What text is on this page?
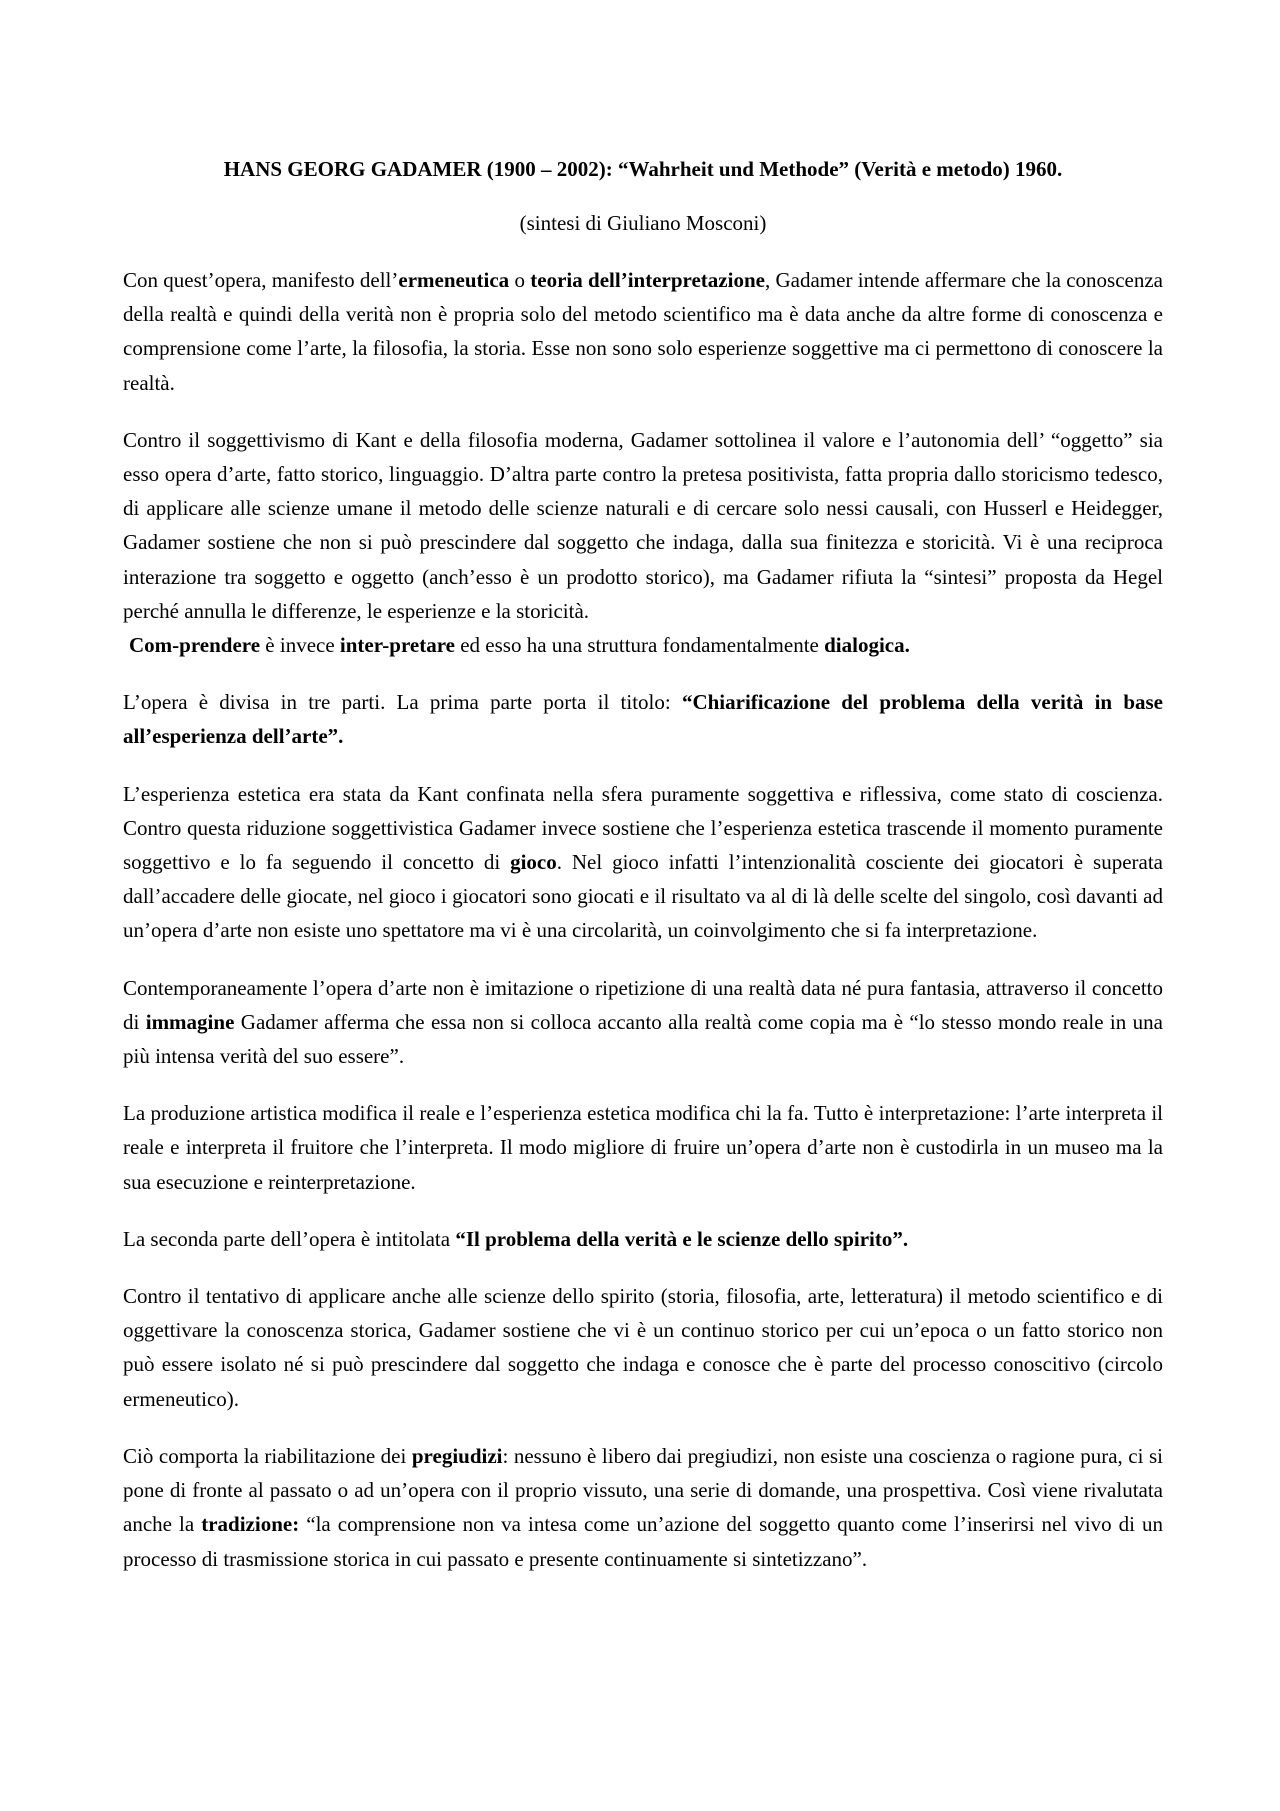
HANS GEORG GADAMER (1900 – 2002): “Wahrheit und Methode” (Verità e metodo) 1960.
(sintesi di Giuliano Mosconi)

Con quest’opera, manifesto dell’ermeneutica o teoria dell’interpretazione, Gadamer intende affermare che la conoscenza della realtà e quindi della verità non è propria solo del metodo scientifico ma è data anche da altre forme di conoscenza e comprensione come l’arte, la filosofia, la storia. Esse non sono solo esperienze soggettive ma ci permettono di conoscere la realtà.

Contro il soggettivismo di Kant e della filosofia moderna, Gadamer sottolinea il valore e l’autonomia dell’ “oggetto” sia esso opera d’arte, fatto storico, linguaggio. D’altra parte contro la pretesa positivista, fatta propria dallo storicismo tedesco, di applicare alle scienze umane il metodo delle scienze naturali e di cercare solo nessi causali, con Husserl e Heidegger, Gadamer sostiene che non si può prescindere dal soggetto che indaga, dalla sua finitezza e storicità. Vi è una reciproca interazione tra soggetto e oggetto (anch’esso è un prodotto storico), ma Gadamer rifiuta la “sintesi” proposta da Hegel perché annulla le differenze, le esperienze e la storicità.

Com-prendere è invece inter-pretare ed esso ha una struttura fondamentalmente dialogica.

L’opera è divisa in tre parti. La prima parte porta il titolo: “Chiarificazione del problema della verità in base all’esperienza dell’arte”.

L’esperienza estetica era stata da Kant confinata nella sfera puramente soggettiva e riflessiva, come stato di coscienza. Contro questa riduzione soggettivistica Gadamer invece sostiene che l’esperienza estetica trascende il momento puramente soggettivo e lo fa seguendo il concetto di gioco. Nel gioco infatti l’intenzionalità cosciente dei giocatori è superata dall’accadere delle giocate, nel gioco i giocatori sono giocati e il risultato va al di là delle scelte del singolo, così davanti ad un’opera d’arte non esiste uno spettatore ma vi è una circolarità, un coinvolgimento che si fa interpretazione.

Contemporaneamente l’opera d’arte non è imitazione o ripetizione di una realtà data né pura fantasia, attraverso il concetto di immagine Gadamer afferma che essa non si colloca accanto alla realtà come copia ma è “lo stesso mondo reale in una più intensa verità del suo essere”.

La produzione artistica modifica il reale e l’esperienza estetica modifica chi la fa. Tutto è interpretazione: l’arte interpreta il reale e interpreta il fruitore che l’interpreta. Il modo migliore di fruire un’opera d’arte non è custodirla in un museo ma la sua esecuzione e reinterpretazione.

La seconda parte dell’opera è intitolata “Il problema della verità e le scienze dello spirito”.

Contro il tentativo di applicare anche alle scienze dello spirito (storia, filosofia, arte, letteratura) il metodo scientifico e di oggettivare la conoscenza storica, Gadamer sostiene che vi è un continuo storico per cui un’epoca o un fatto storico non può essere isolato né si può prescindere dal soggetto che indaga e conosce che è parte del processo conoscitivo (circolo ermeneutico).

Ciò comporta la riabilitazione dei pregiudizi: nessuno è libero dai pregiudizi, non esiste una coscienza o ragione pura, ci si pone di fronte al passato o ad un’opera con il proprio vissuto, una serie di domande, una prospettiva. Così viene rivalutata anche la tradizione: “la comprensione non va intesa come un’azione del soggetto quanto come l’inserirsi nel vivo di un processo di trasmissione storica in cui passato e presente continuamente si sintetizzano”.
